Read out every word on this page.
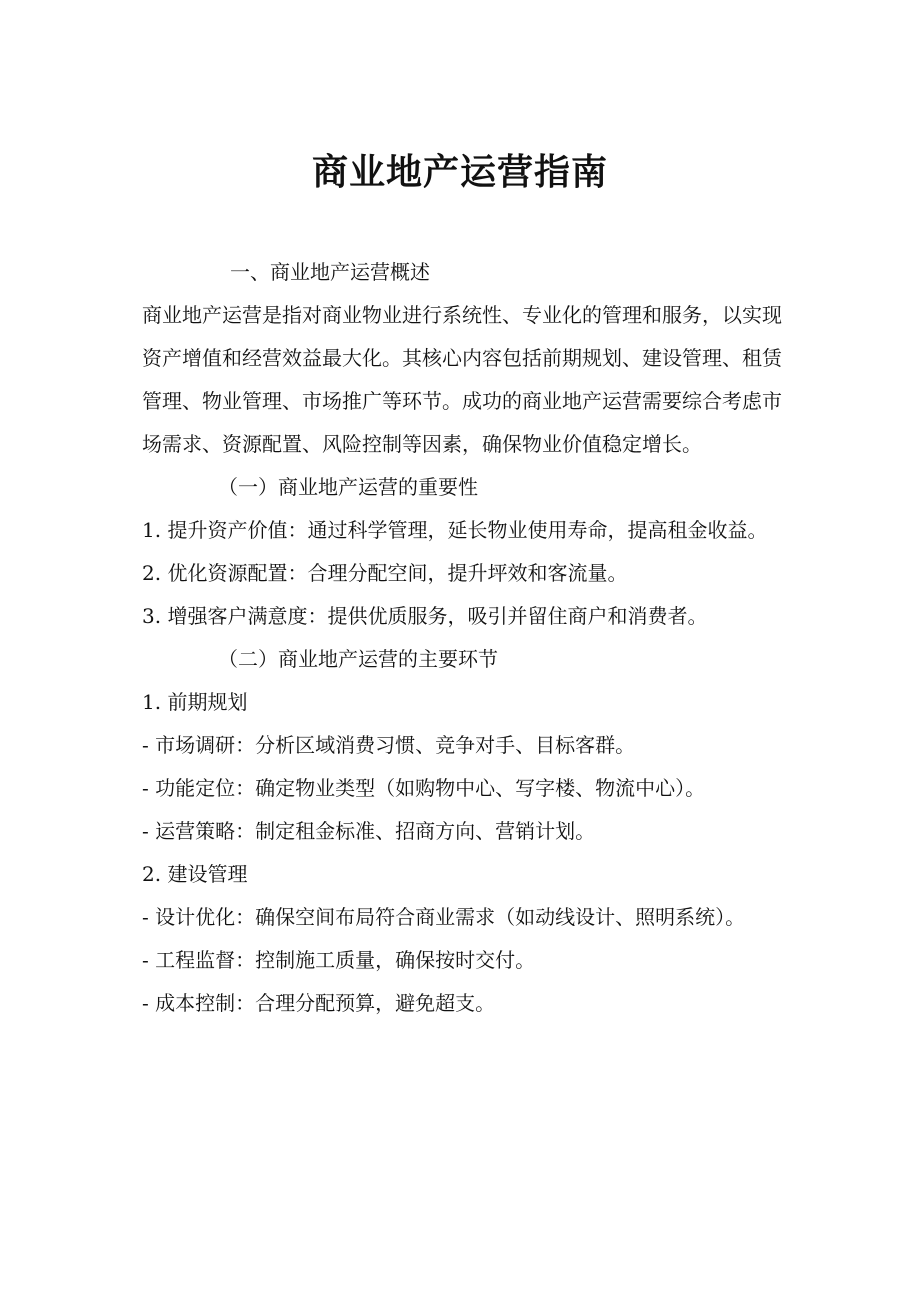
商业地产运营指南

一、商业地产运营概述

商业地产运营是指对商业物业进行系统性、专业化的管理和服务，以实现资产增值和经营效益最大化。其核心内容包括前期规划、建设管理、租赁管理、物业管理、市场推广等环节。成功的商业地产运营需要综合考虑市场需求、资源配置、风险控制等因素，确保物业价值稳定增长。

（一）商业地产运营的重要性

1. 提升资产价值：通过科学管理，延长物业使用寿命，提高租金收益。

2. 优化资源配置：合理分配空间，提升坪效和客流量。

3. 增强客户满意度：提供优质服务，吸引并留住商户和消费者。

（二）商业地产运营的主要环节

1. 前期规划

- 市场调研：分析区域消费习惯、竞争对手、目标客群。

- 功能定位：确定物业类型（如购物中心、写字楼、物流中心）。

- 运营策略：制定租金标准、招商方向、营销计划。

2. 建设管理

- 设计优化：确保空间布局符合商业需求（如动线设计、照明系统）。

- 工程监督：控制施工质量，确保按时交付。

- 成本控制：合理分配预算，避免超支。
